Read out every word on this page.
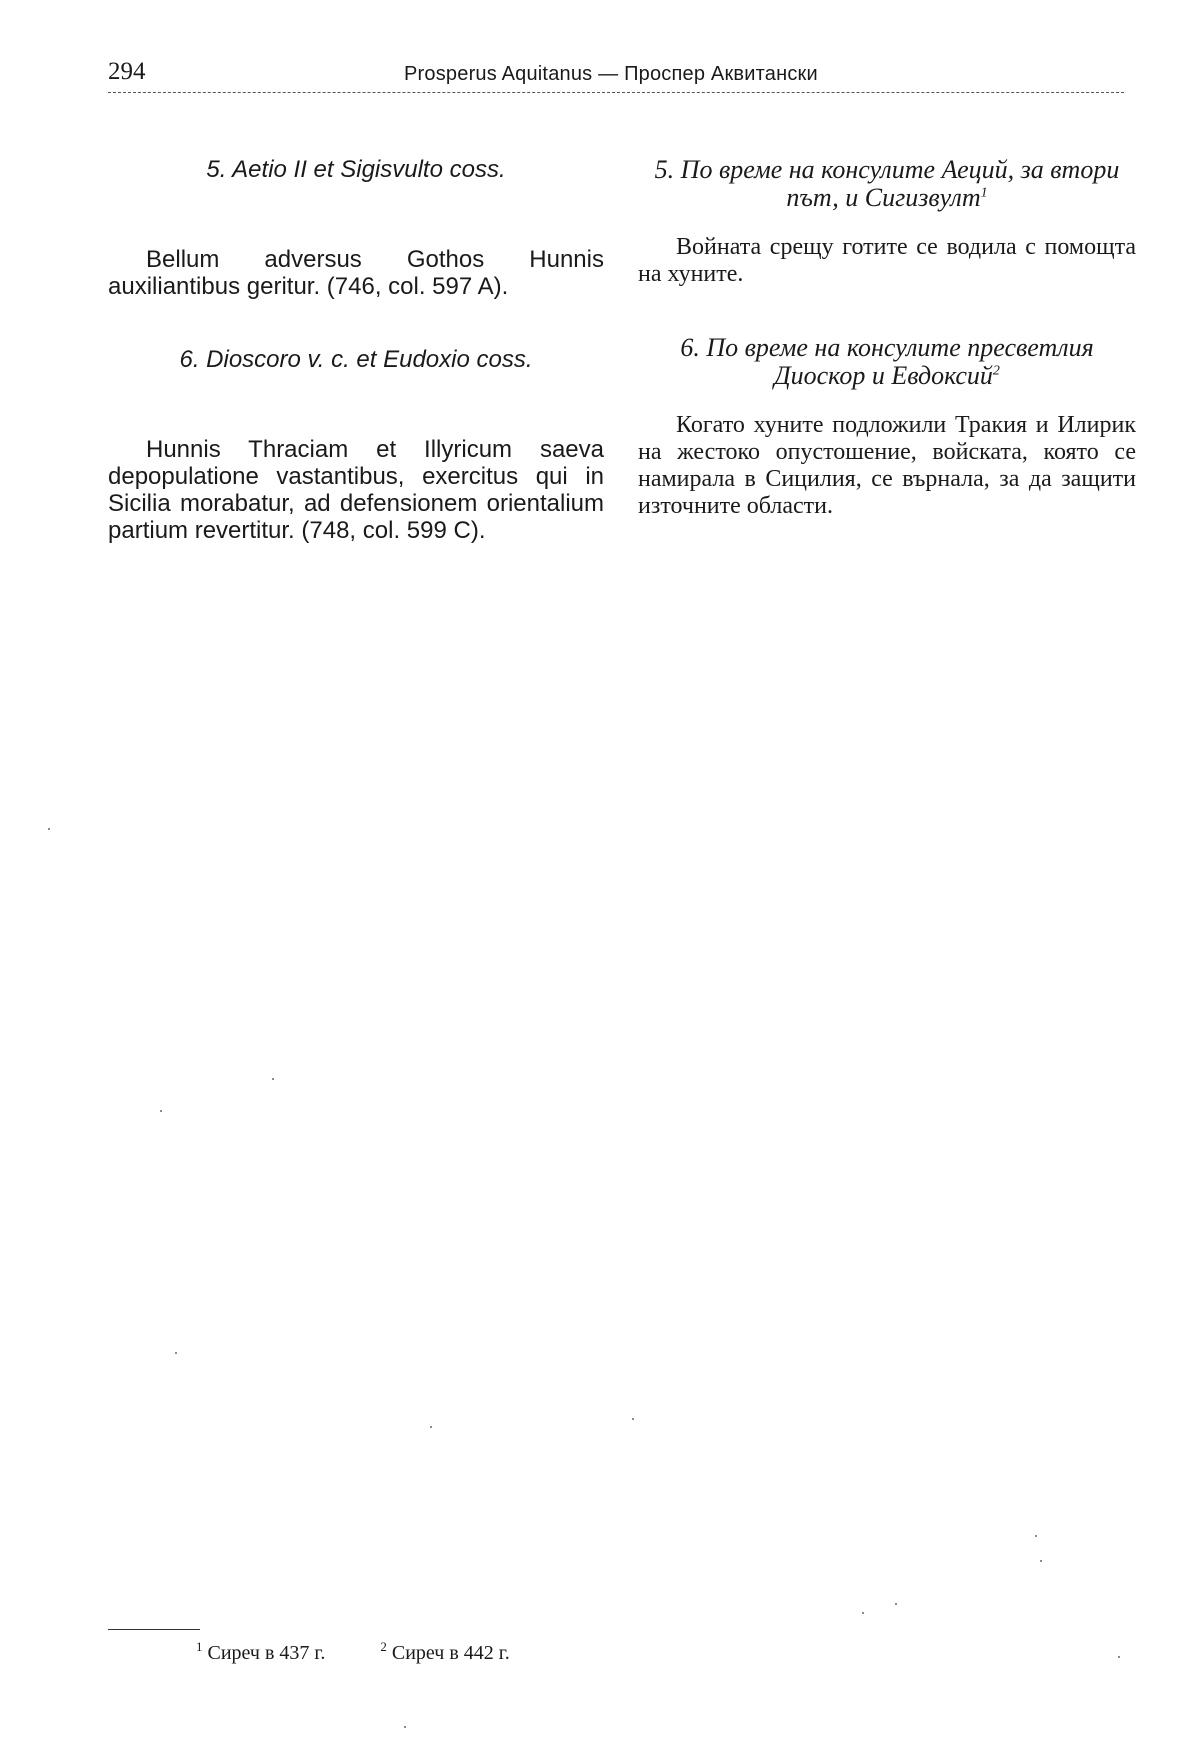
294	Prosperus Aquitanus — Проспер Аквитански

5. Aetio II et Sigisvulto coss.

Bellum adversus Gothos Hunnis auxiliantibus geritur. (746, col. 597 A).

6. Dioscoro v. c. et Eudoxio coss.

Hunnis Thraciam et Illyricum saeva depopulatione vastantibus, exercitus qui in Sicilia morabatur, ad defensionem orientalium partium revertitur. (748, col. 599 C).

5. По време на консулите Аеций, за втори път, и Сигизвулт$^1$

Войната срещу готите се водила с помощта на хуните.

6. По време на консулите пресветлия Диоскор и Евдоксий$^2$

Когато хуните подложили Тракия и Илирик на жестоко опустошение, войската, която се намирала в Сицилия, се върнала, за да защити източните области.

$^1$ Сиреч в 437 г.	$^2$ Сиреч в 442 г.
